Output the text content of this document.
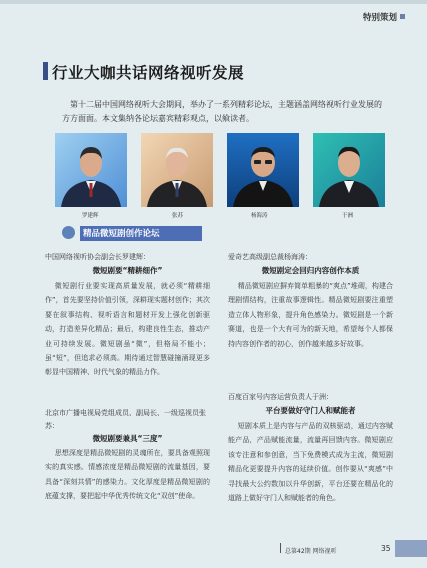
特别策划
行业大咖共话网络视听发展
第十二届中国网络视听大会期间，举办了一系列精彩论坛，主题涵盖网络视听行业发展的方方面面。本文集纳各论坛嘉宾精彩观点，以飨读者。
罗建辉	张苏	杨海涛	于洲
精品微短剧创作论坛
中国网络视听协会副会长罗建辉：
微短剧要“精耕细作”
微短剧行业要实现高质量发展，就必须“精耕细作”，首先要坚持价值引领，深耕现实题材创作；其次要在叙事结构、视听语言和题材开发上强化创新驱动，打造差异化精品；最后，构建良性生态，推动产业可持续发展。微短剧虽“微”，但格局不能小；虽“短”，但追求必须高。期待通过智慧碰撞涌现更多彰显中国精神、时代气象的精品力作。
北京市广播电视局党组成员、副局长、一级巡视员张苏：
微短剧要兼具“三度”
思想深度是精品微短剧的灵魂所在，要具备观照现实的真实感。情感浓度是精品微短剧的流量基因，要具备“深刻共情”的感染力。文化厚度是精品微短剧的底蕴支撑，要把起中华优秀传统文化“双创”使命。
爱奇艺高级副总裁杨海涛：
微短剧定会回归内容创作本质
精品微短剧应摒弃简单粗暴的“爽点”堆砌，构建合理剧情结构，注重故事逻辑性。精品微短剧要注重塑造立体人物形象，提升角色感染力。微短剧是一个新赛道，也是一个大有可为的新天地，希望每个人都保持内容创作者的初心，创作越来越多好故事。
百度百家号内容运营负责人于洲：
平台要做好守门人和赋能者
短剧本质上是内容与产品的双核驱动，通过内容赋能产品，产品赋能流量，流量再回馈内容。微短剧应该专注意和参创意，当下免费模式成为主流，微短剧精品化更要提升内容的延续价值。创作要从“爽感”中寻找最大公约数加以升华创新，平台还要在精品化的道路上做好守门人和赋能者的角色。
总第42期 网络视听	35
